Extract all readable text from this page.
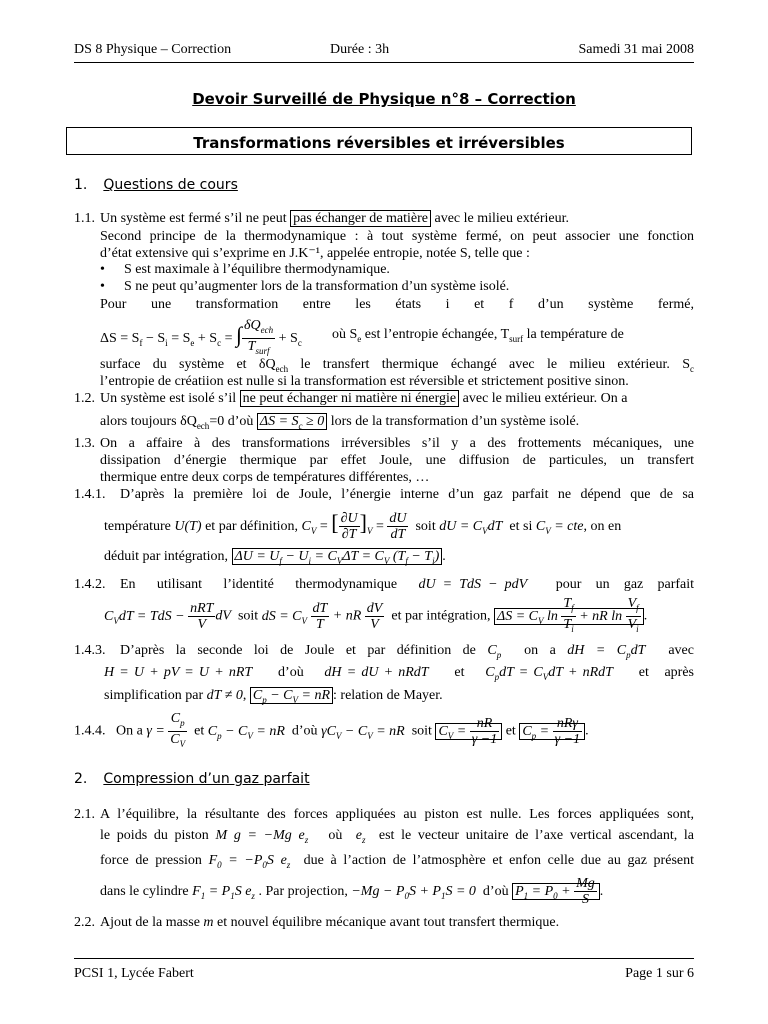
DS 8 Physique – Correction	Durée : 3h	Samedi 31 mai 2008
Devoir Surveillé de Physique n°8 – Correction
Transformations réversibles et irréversibles
1. Questions de cours
1.1. Un système est fermé s’il ne peut pas échanger de matière avec le milieu extérieur.
Second principe de la thermodynamique : à tout système fermé, on peut associer une fonction
d’état extensive qui s’exprime en J.K⁻¹, appelée entropie, notée S, telle que :
• S est maximale à l’équilibre thermodynamique.
• S ne peut qu’augmenter lors de la transformation d’un système isolé.
Pour une transformation entre les états i et f d’un système fermé,
$\Delta S = S_f - S_i = S_e + S_c$ = ∫ $\frac{\delta Q_{ech}}{T_{surf}} + S_c$
où $S_e$ est l’entropie échangée, $T_{surf}$ la température de
surface du système et $\delta Q_{ech}$ le transfert thermique échangé avec le milieu extérieur. $S_c$
l’entropie de créatiion est nulle si la transformation est réversible et strictement positive sinon.
1.2. Un système est isolé s’il ne peut échanger ni matière ni énergie avec le milieu extérieur. On a
alors toujours $\delta Q_{ech}=0$ d’où $\Delta S = S_c \ge 0$ lors de la transformation d’un système isolé.
1.3. On a affaire à des transformations irréversibles s’il y a des frottements mécaniques, une
dissipation d’énergie thermique par effet Joule, une diffusion de particules, un transfert
thermique entre deux corps de températures différentes, …
1.4.1. D’après la première loi de Joule, l’énergie interne d’un gaz parfait ne dépend que de sa
température U(T) et par définition, $C_V$ = [ $\frac{\partial U}{\partial T} ]_V = \frac{dU}{dT}$ soit dU = $C_VdT$  et si $C_V$ = cte, on en
déduit par intégration, $\Delta U = U_f - U_i = C_V\Delta T = C_V$ $(T_f - T_i)$ .
1.4.2. En   utilisant   l’identité   thermodynamique   dU = TdS − pdV    pour  un  gaz  parfait
$C_VdT$ = TdS − $\frac{\text{nRT}}{V}$ dV  soit dS = $C_V \frac{dT}{T}$ + nR $\frac{dV}{V}$ et par intégration, $\Delta S = C_V$ $\ln \frac{T_f}{T_i}$ + nR $\ln \frac{V_f}{V_i}$ .
1.4.3. D’après la seconde loi de Joule et par définition de $C_p$  on a dH = $C_pdT$  avec
H = U + pV = U + nRT     d’où    dH = dU + nRdT     et    $C_pdT = C_VdT$ + nRdT     et   après
simplification par dT ≠ 0, $C_p - C_V$ = nR : relation de Mayer.
1.4.4.   On a $\gamma = \frac{C_p}{C_V}$ et $C_p - C_V$ = nR  d’où $\gamma C_V - C_V$ = nR  soit $C_V = \frac{nR}{\gamma -1}$ et $C_p = \frac{\text{nRγ}}{\gamma -1}$ .
2. Compression d’un gaz parfait
2.1. A l’équilibre, la résultante des forces appliquées au piston est nulle. Les forces appliquées sont,
le poids du piston M g = −Mg $e_z$   où  $e_z$  est le vecteur unitaire de l’axe vertical ascendant, la
force de pression $F_0 = -P_0S$ $e_z$  due à l’action de l’atmosphère et enfon celle due au gaz présent
dans le cylindre $F_1 = P_1S$ $e_z$ . Par projection, $-Mg - P_0S + P_1S = 0$  d’où $P_1 = P_0 + \frac{Mg}{S}$ .
2.2. Ajout de la masse m et nouvel équilibre mécanique avant tout transfert thermique.
PCSI 1, Lycée Fabert	Page 1 sur 6
